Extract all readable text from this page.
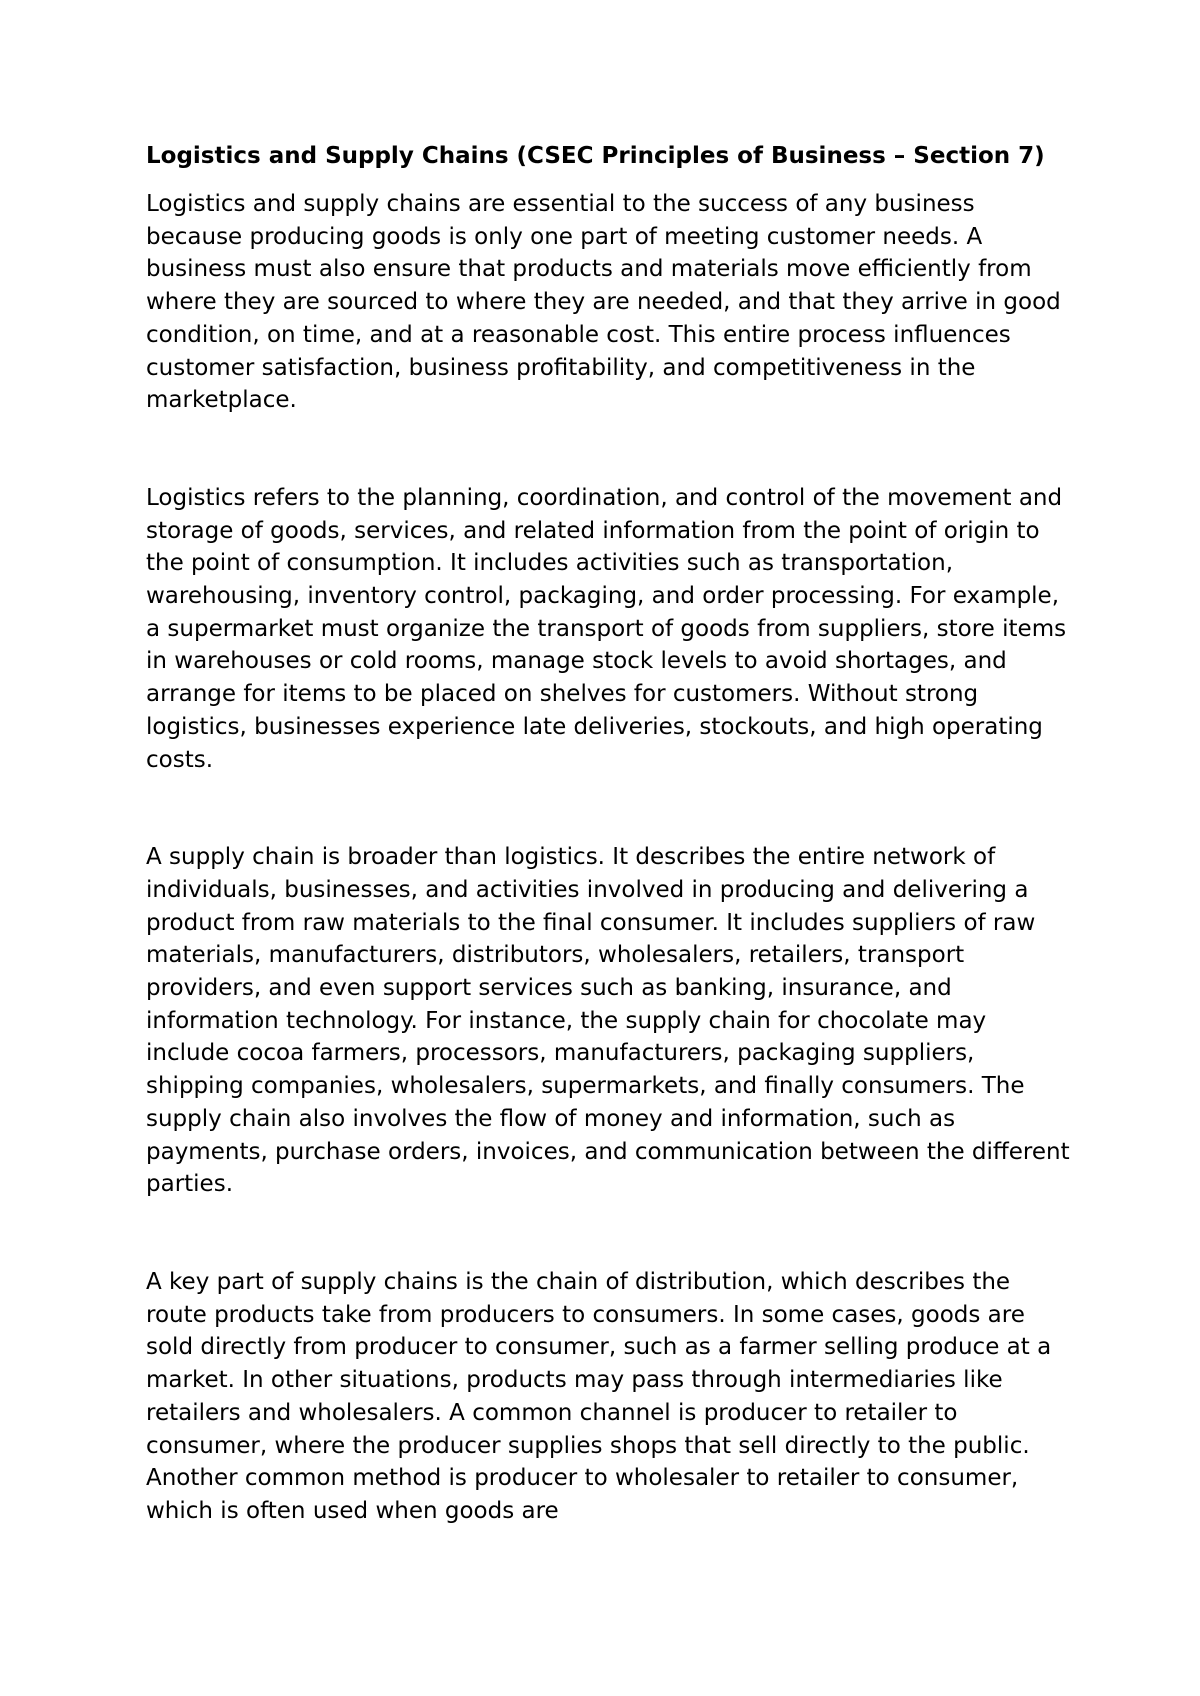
Logistics and Supply Chains (CSEC Principles of Business – Section 7)

Logistics and supply chains are essential to the success of any business because producing goods is only one part of meeting customer needs. A business must also ensure that products and materials move efficiently from where they are sourced to where they are needed, and that they arrive in good condition, on time, and at a reasonable cost. This entire process influences customer satisfaction, business profitability, and competitiveness in the marketplace.

Logistics refers to the planning, coordination, and control of the movement and storage of goods, services, and related information from the point of origin to the point of consumption. It includes activities such as transportation, warehousing, inventory control, packaging, and order processing. For example, a supermarket must organize the transport of goods from suppliers, store items in warehouses or cold rooms, manage stock levels to avoid shortages, and arrange for items to be placed on shelves for customers. Without strong logistics, businesses experience late deliveries, stockouts, and high operating costs.

A supply chain is broader than logistics. It describes the entire network of individuals, businesses, and activities involved in producing and delivering a product from raw materials to the final consumer. It includes suppliers of raw materials, manufacturers, distributors, wholesalers, retailers, transport providers, and even support services such as banking, insurance, and information technology. For instance, the supply chain for chocolate may include cocoa farmers, processors, manufacturers, packaging suppliers, shipping companies, wholesalers, supermarkets, and finally consumers. The supply chain also involves the flow of money and information, such as payments, purchase orders, invoices, and communication between the different parties.

A key part of supply chains is the chain of distribution, which describes the route products take from producers to consumers. In some cases, goods are sold directly from producer to consumer, such as a farmer selling produce at a market. In other situations, products may pass through intermediaries like retailers and wholesalers. A common channel is producer to retailer to consumer, where the producer supplies shops that sell directly to the public. Another common method is producer to wholesaler to retailer to consumer, which is often used when goods are
